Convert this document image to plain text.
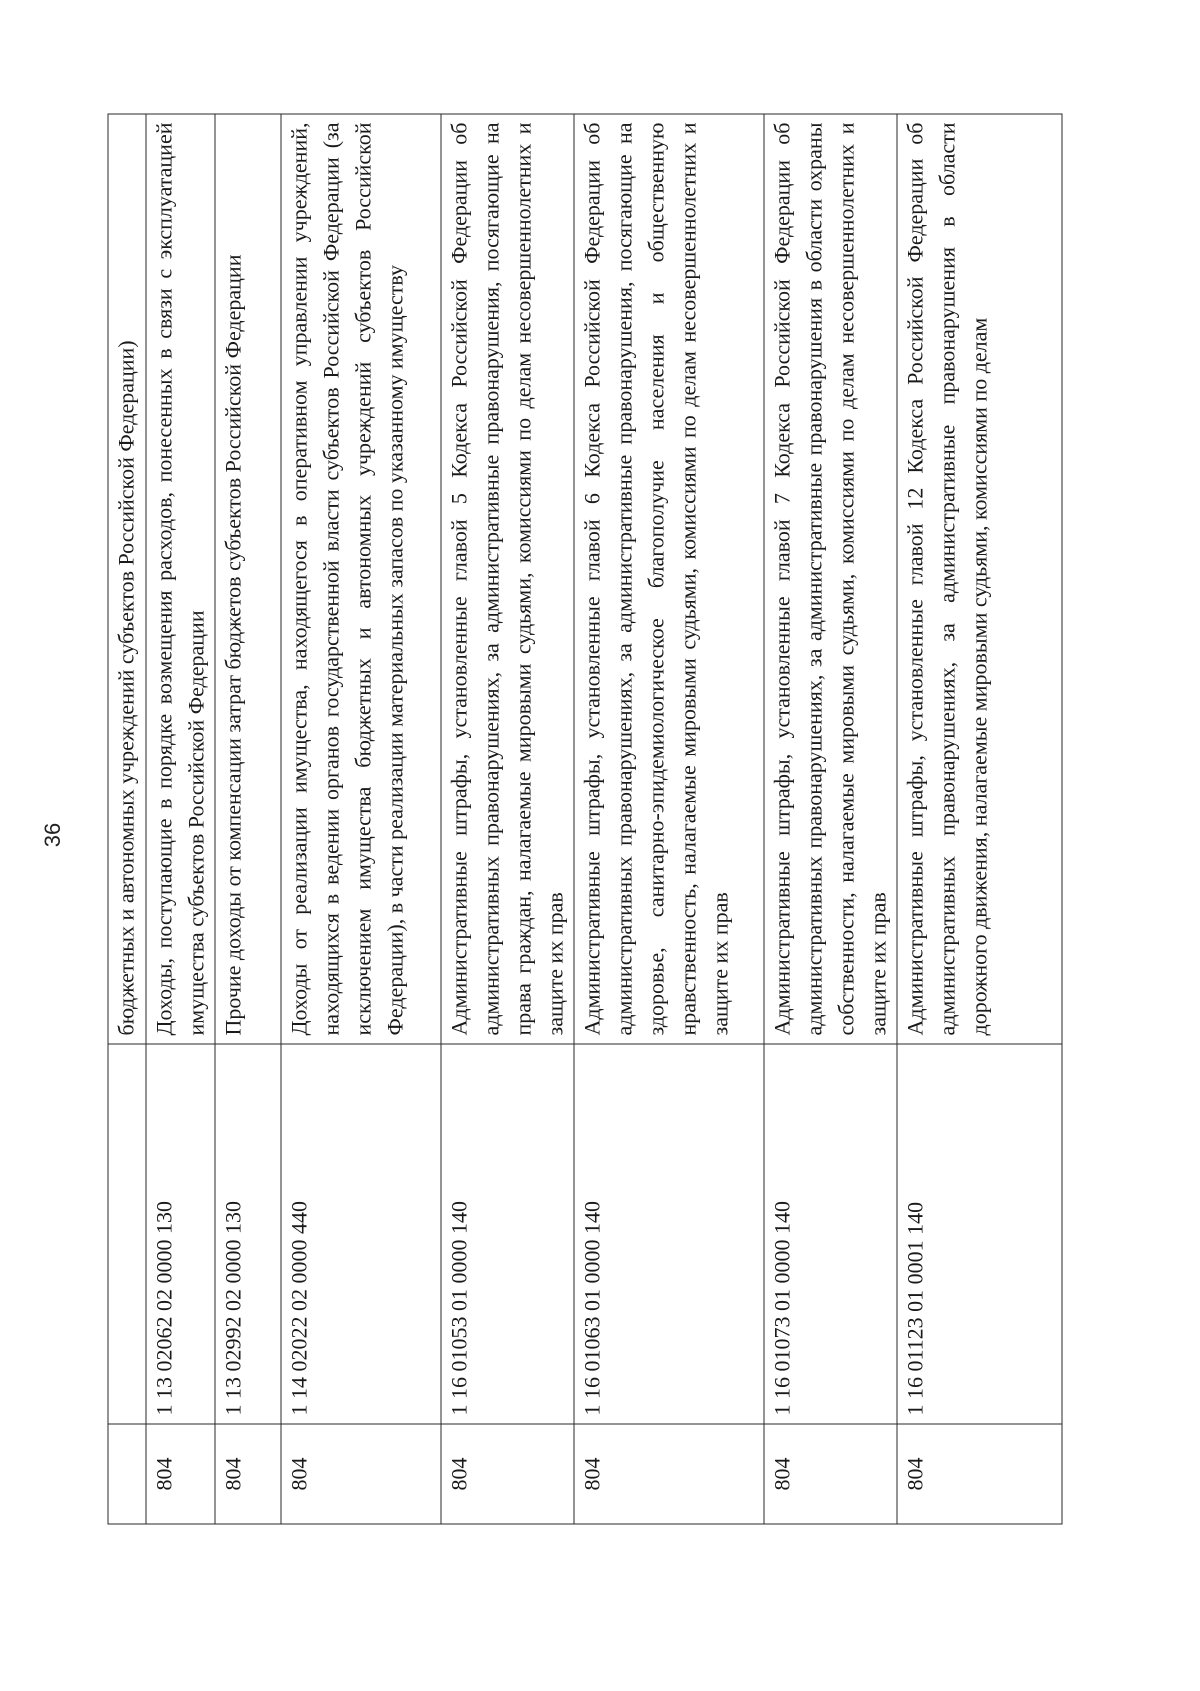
36
		бюджетных и автономных учреждений субъектов Российской Федерации)
804	1 13 02062 02 0000 130	Доходы, поступающие в порядке возмещения расходов, понесенных в связи с эксплуатацией имущества субъектов Российской Федерации
804	1 13 02992 02 0000 130	Прочие доходы от компенсации затрат бюджетов субъектов Российской Федерации
804	1 14 02022 02 0000 440	Доходы от реализации имущества, находящегося в оперативном управлении учреждений, находящихся в ведении органов государственной власти субъектов Российской Федерации (за исключением имущества бюджетных и автономных учреждений субъектов Российской Федерации), в части реализации материальных запасов по указанному имуществу
804	1 16 01053 01 0000 140	Административные штрафы, установленные главой 5 Кодекса Российской Федерации об административных правонарушениях, за административные правонарушения, посягающие на права граждан, налагаемые мировыми судьями, комиссиями по делам несовершеннолетних и защите их прав
804	1 16 01063 01 0000 140	Административные штрафы, установленные главой 6 Кодекса Российской Федерации об административных правонарушениях, за административные правонарушения, посягающие на здоровье, санитарно-эпидемиологическое благополучие населения и общественную нравственность, налагаемые мировыми судьями, комиссиями по делам несовершеннолетних и защите их прав
804	1 16 01073 01 0000 140	Административные штрафы, установленные главой 7 Кодекса Российской Федерации об административных правонарушениях, за административные правонарушения в области охраны собственности, налагаемые мировыми судьями, комиссиями по делам несовершеннолетних и защите их прав
804	1 16 01123 01 0001 140	Административные штрафы, установленные главой 12 Кодекса Российской Федерации об административных правонарушениях, за административные правонарушения в области дорожного движения, налагаемые мировыми судьями, комиссиями по делам
